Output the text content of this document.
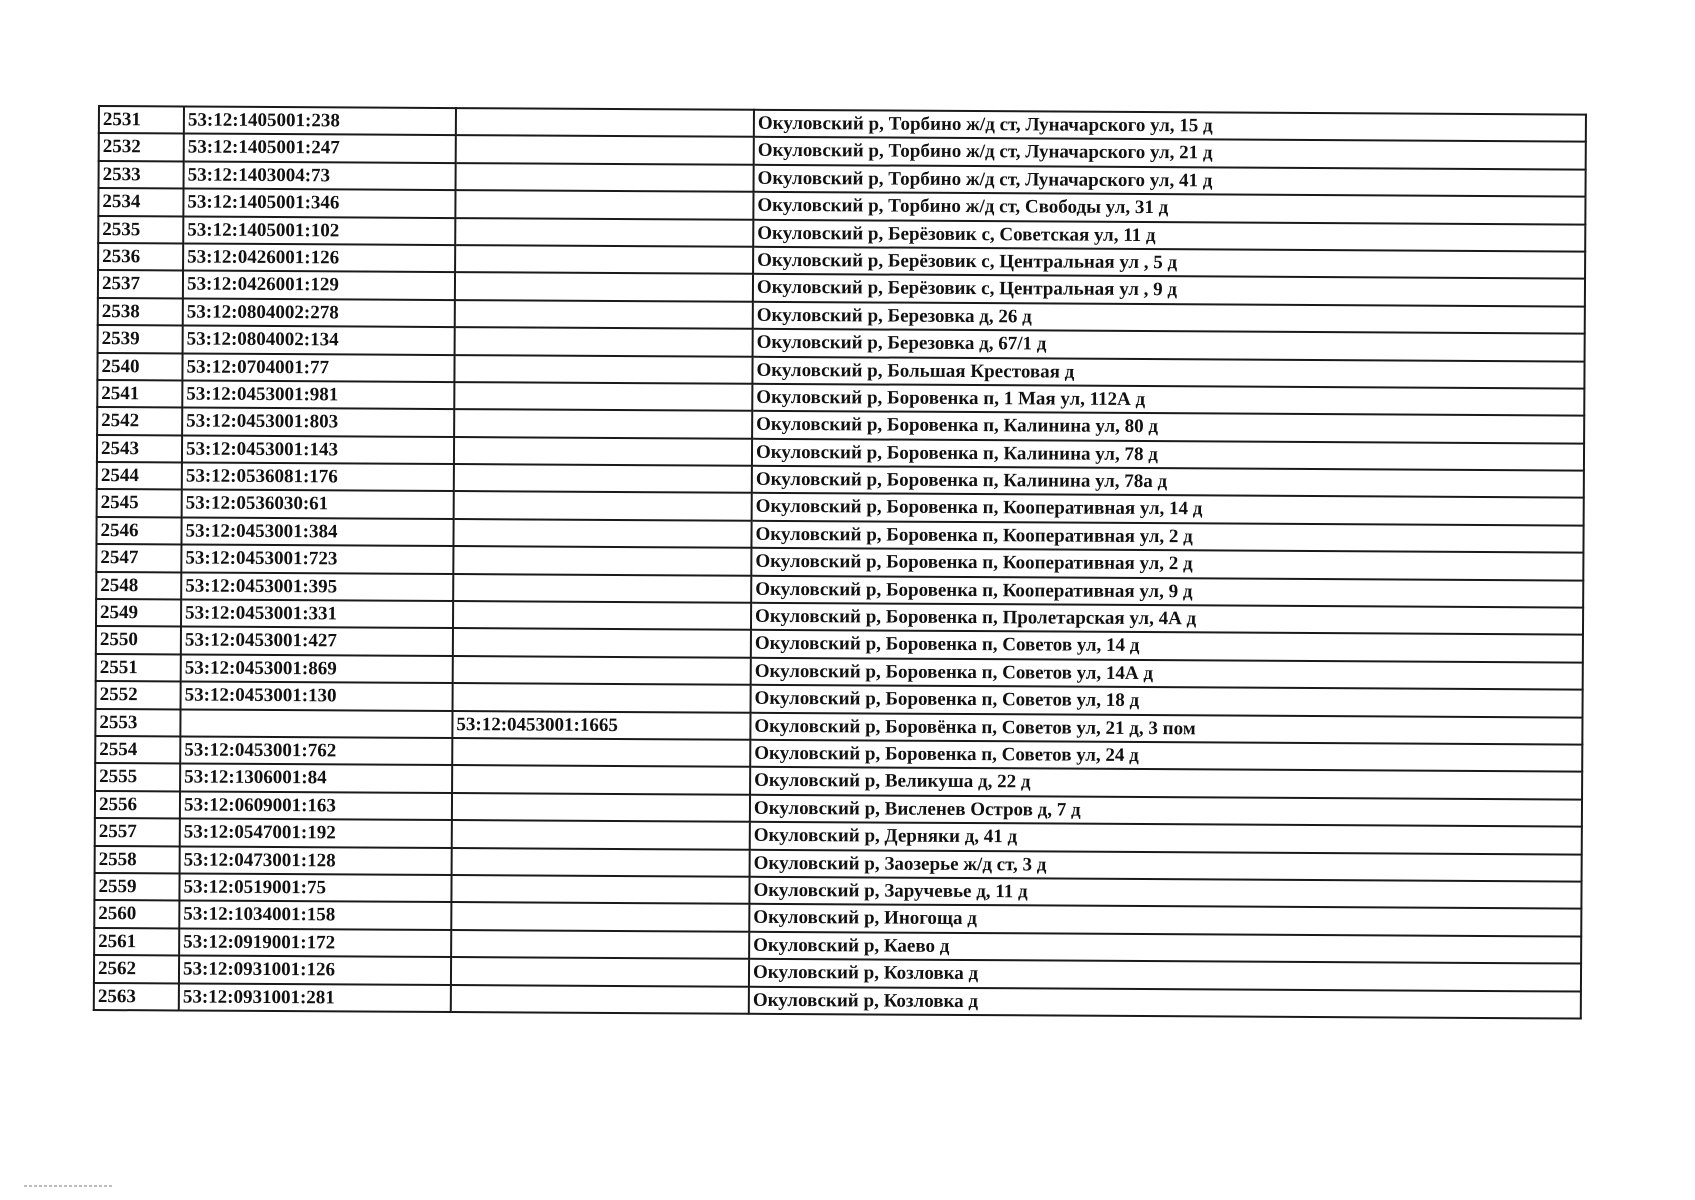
2531	53:12:1405001:238		Окуловский р, Торбино ж/д ст, Луначарского ул, 15 д
2532	53:12:1405001:247		Окуловский р, Торбино ж/д ст, Луначарского ул, 21 д
2533	53:12:1403004:73		Окуловский р, Торбино ж/д ст, Луначарского ул, 41 д
2534	53:12:1405001:346		Окуловский р, Торбино ж/д ст, Свободы ул, 31 д
2535	53:12:1405001:102		Окуловский р, Берёзовик с, Советская ул, 11 д
2536	53:12:0426001:126		Окуловский р, Берёзовик с, Центральная ул , 5 д
2537	53:12:0426001:129		Окуловский р, Берёзовик с, Центральная ул , 9 д
2538	53:12:0804002:278		Окуловский р, Березовка д, 26 д
2539	53:12:0804002:134		Окуловский р, Березовка д, 67/1 д
2540	53:12:0704001:77		Окуловский р, Большая Крестовая д
2541	53:12:0453001:981		Окуловский р, Боровенка п, 1 Мая ул, 112А д
2542	53:12:0453001:803		Окуловский р, Боровенка п, Калинина ул, 80 д
2543	53:12:0453001:143		Окуловский р, Боровенка п, Калинина ул, 78 д
2544	53:12:0536081:176		Окуловский р, Боровенка п, Калинина ул, 78а д
2545	53:12:0536030:61		Окуловский р, Боровенка п, Кооперативная ул, 14 д
2546	53:12:0453001:384		Окуловский р, Боровенка п, Кооперативная ул, 2 д
2547	53:12:0453001:723		Окуловский р, Боровенка п, Кооперативная ул, 2 д
2548	53:12:0453001:395		Окуловский р, Боровенка п, Кооперативная ул, 9 д
2549	53:12:0453001:331		Окуловский р, Боровенка п, Пролетарская ул, 4А д
2550	53:12:0453001:427		Окуловский р, Боровенка п, Советов ул, 14 д
2551	53:12:0453001:869		Окуловский р, Боровенка п, Советов ул, 14А д
2552	53:12:0453001:130		Окуловский р, Боровенка п, Советов ул, 18 д
2553		53:12:0453001:1665	Окуловский р, Боровёнка п, Советов ул, 21 д, 3 пом
2554	53:12:0453001:762		Окуловский р, Боровенка п, Советов ул, 24 д
2555	53:12:1306001:84		Окуловский р, Великуша д, 22 д
2556	53:12:0609001:163		Окуловский р, Висленев Остров д, 7 д
2557	53:12:0547001:192		Окуловский р, Дерняки д, 41 д
2558	53:12:0473001:128		Окуловский р, Заозерье ж/д ст, 3 д
2559	53:12:0519001:75		Окуловский р, Заручевье д, 11 д
2560	53:12:1034001:158		Окуловский р, Иногоща д
2561	53:12:0919001:172		Окуловский р, Каево д
2562	53:12:0931001:126		Окуловский р, Козловка д
2563	53:12:0931001:281		Окуловский р, Козловка д
